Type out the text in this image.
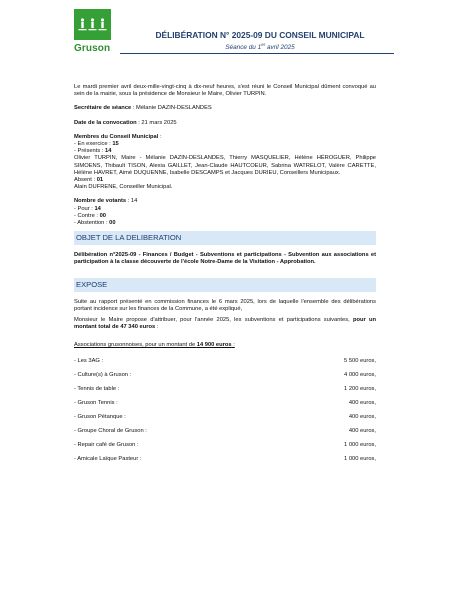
Gruson
DÉLIBÉRATION N° 2025-09 DU CONSEIL MUNICIPAL
Séance du 1er avril 2025

Le mardi premier avril deux-mille-vingt-cinq à dix-neuf heures, s'est réuni le Conseil Municipal dûment convoqué au sein de la mairie, sous la présidence de Monsieur le Maire, Olivier TURPIN.

Secrétaire de séance : Mélanie DAZIN-DESLANDES

Date de la convocation : 21 mars 2025

Membres du Conseil Municipal :

- En exercice : 15

- Présents : 14

Olivier TURPIN, Maire - Mélanie DAZIN-DESLANDES, Thierry MASQUELIER, Hélène HÉROGUER, Philippe SIMOENS, Thibault TISON, Alexia GAILLET, Jean-Claude HAUTCOEUR, Sabrina WATRELOT, Valère CARETTE, Hélène HAVRET, Aimé DUQUENNE, Isabelle DESCAMPS et Jacques DURIEU, Conseillers Municipaux.

Absent : 01

Alain DUFRENE, Conseiller Municipal.

Nombre de votants : 14

- Pour : 14

- Contre : 00

- Abstention : 00

OBJET DE LA DELIBERATION

Délibération n°2025-09 - Finances / Budget - Subventions et participations - Subvention aux associations et participation à la classe découverte de l'école Notre-Dame de la Visitation - Approbation.

EXPOSE

Suite au rapport présenté en commission finances le 6 mars 2025, lors de laquelle l'ensemble des délibérations portant incidence sur les finances de la Commune, a été expliqué,

Monsieur le Maire propose d'attribuer, pour l'année 2025, les subventions et participations suivantes, pour un montant total de 47 340 euros :

Associations grusonnoises, pour un montant de 14 900 euros :

- Les 3AG :	5 500 euros,
- Culture(s) à Gruson :	4 000 euros,
- Tennis de table :	1 200 euros,
- Gruson Tennis :	400 euros,
- Gruson Pétanque :	400 euros,
- Groupe Choral de Gruson :	400 euros,
- Repair café de Gruson :	1 000 euros,
- Amicale Laïque Pasteur :	1 000 euros,
